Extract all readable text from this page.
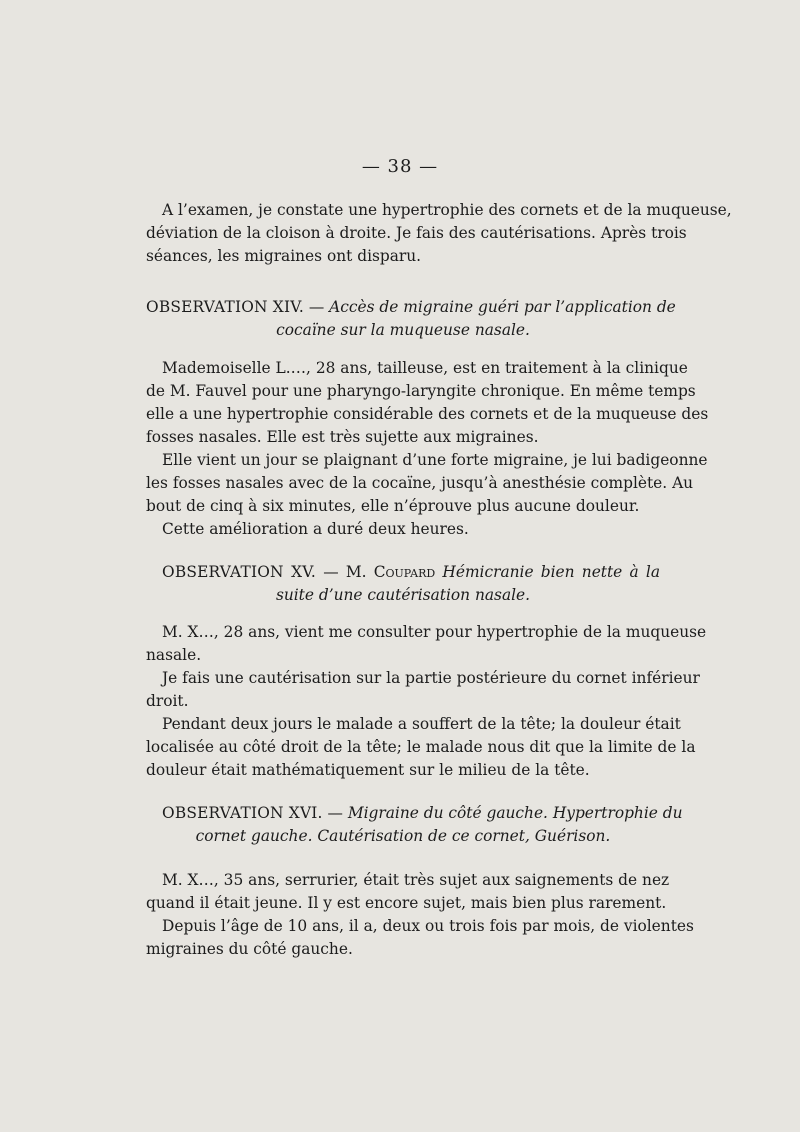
— 38 —
A l’examen, je constate une hypertrophie des cornets et de la muqueuse,
déviation de la cloison à droite. Je fais des cautérisations. Après trois
séances, les migraines ont disparu.
OBSERVATION XIV. — Accès de migraine guéri par l’application de
cocaïne sur la muqueuse nasale.
Mademoiselle L.…, 28 ans, tailleuse, est en traitement à la clinique
de M. Fauvel pour une pharyngo-laryngite chronique. En même temps
elle a une hypertrophie considérable des cornets et de la muqueuse des
fosses nasales. Elle est très sujette aux migraines.
Elle vient un jour se plaignant d’une forte migraine, je lui badigeonne
les fosses nasales avec de la cocaïne, jusqu’à anesthésie complète. Au
bout de cinq à six minutes, elle n’éprouve plus aucune douleur.
Cette amélioration a duré deux heures.
OBSERVATION XV. — M. Coupard Hémicranie bien nette à la
suite d’une cautérisation nasale.
M. X…, 28 ans, vient me consulter pour hypertrophie de la muqueuse
nasale.
Je fais une cautérisation sur la partie postérieure du cornet inférieur
droit.
Pendant deux jours le malade a souffert de la tête; la douleur était
localisée au côté droit de la tête; le malade nous dit que la limite de la
douleur était mathématiquement sur le milieu de la tête.
OBSERVATION XVI. — Migraine du côté gauche. Hypertrophie du
cornet gauche. Cautérisation de ce cornet, Guérison.
M. X…, 35 ans, serrurier, était très sujet aux saignements de nez
quand il était jeune. Il y est encore sujet, mais bien plus rarement.
Depuis l’âge de 10 ans, il a, deux ou trois fois par mois, de violentes
migraines du côté gauche.
